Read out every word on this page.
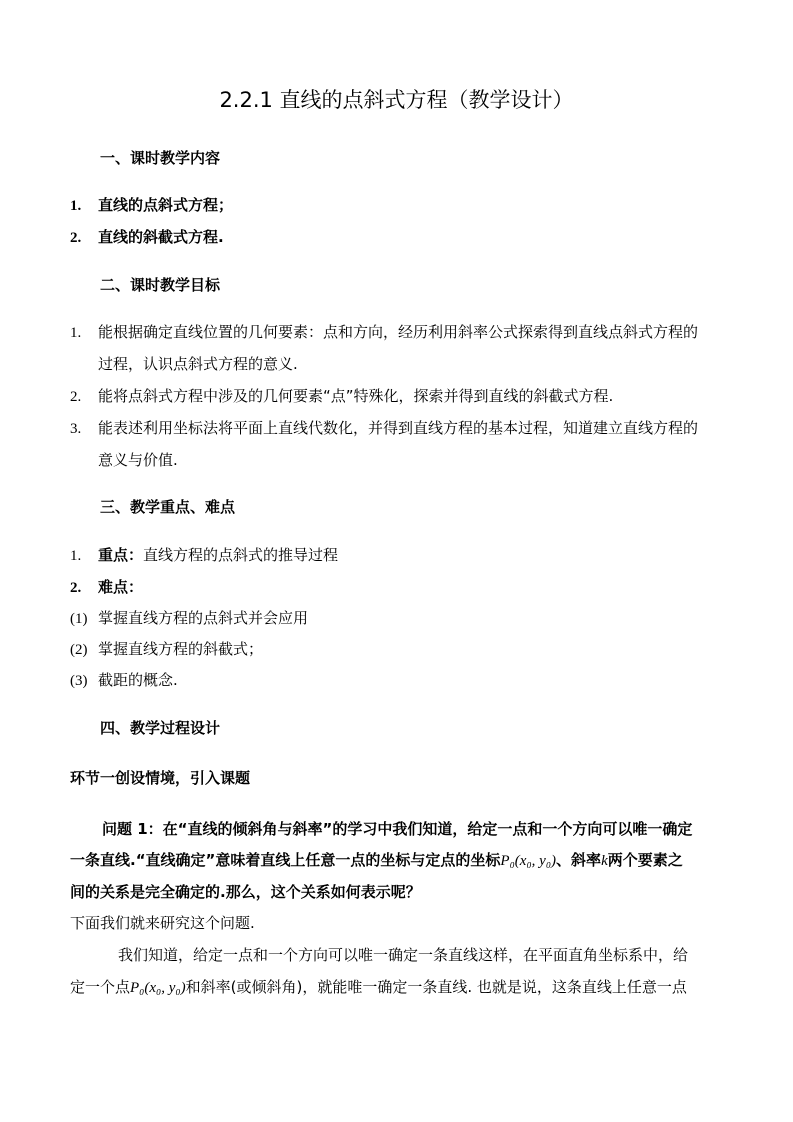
2.2.1 直线的点斜式方程（教学设计）
一、课时教学内容
1. 直线的点斜式方程；
2. 直线的斜截式方程.
二、课时教学目标
1. 能根据确定直线位置的几何要素：点和方向，经历利用斜率公式探索得到直线点斜式方程的
过程，认识点斜式方程的意义.
2. 能将点斜式方程中涉及的几何要素“点”特殊化，探索并得到直线的斜截式方程.
3. 能表述利用坐标法将平面上直线代数化，并得到直线方程的基本过程，知道建立直线方程的
意义与价值.
三、教学重点、难点
1. 重点：直线方程的点斜式的推导过程
2. 难点：
(1) 掌握直线方程的点斜式并会应用
(2) 掌握直线方程的斜截式；
(3) 截距的概念.
四、教学过程设计
环节一创设情境，引入课题
问题 1：在“直线的倾斜角与斜率”的学习中我们知道，给定一点和一个方向可以唯一确定
一条直线.“直线确定”意味着直线上任意一点的坐标与定点的坐标P₀(x₀, y₀)、斜率k两个要素之
间的关系是完全确定的.那么，这个关系如何表示呢？
下面我们就来研究这个问题.
我们知道，给定一点和一个方向可以唯一确定一条直线这样，在平面直角坐标系中，给
定一个点P₀(x₀, y₀)和斜率(或倾斜角)，就能唯一确定一条直线. 也就是说，这条直线上任意一点
